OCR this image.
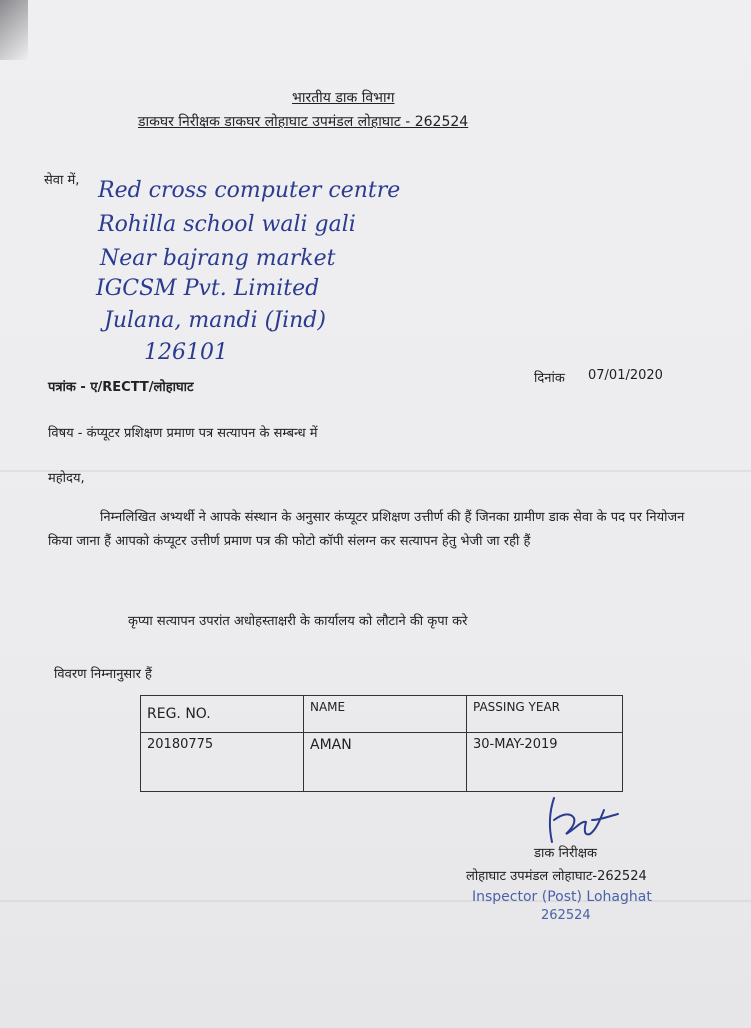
भारतीय डाक विभाग
डाकघर निरीक्षक डाकघर लोहाघाट उपमंडल लोहाघाट - 262524
सेवा में, Red cross computer centre
Rohilla school wali gali
Near bajrang market
IGCSM Pvt. Limited
Julana, mandi (Jind)
126101
पत्रांक - ए/RECTT/लोहाघाट
दिनांक 07/01/2020
विषय - कंप्यूटर प्रशिक्षण प्रमाण पत्र सत्यापन के सम्बन्ध में
महोदय,
निम्नलिखित अभ्यर्थी ने आपके संस्थान के अनुसार कंप्यूटर प्रशिक्षण उत्तीर्ण की हैं जिनका ग्रामीण डाक सेवा के पद पर नियोजन किया जाना हैं आपको कंप्यूटर उत्तीर्ण प्रमाण पत्र की फोटो कॉपी संलग्न कर सत्यापन हेतु भेजी जा रही हैं
कृप्या सत्यापन उपरांत अधोहस्ताक्षरी के कार्यालय को लौटाने की कृपा करे
विवरण निम्नानुसार हैं
REG. NO.	NAME	PASSING YEAR
20180775	AMAN	30-MAY-2019
डाक निरीक्षक
लोहाघाट उपमंडल लोहाघाट-262524
Inspector (Post) Lohaghat
262524
